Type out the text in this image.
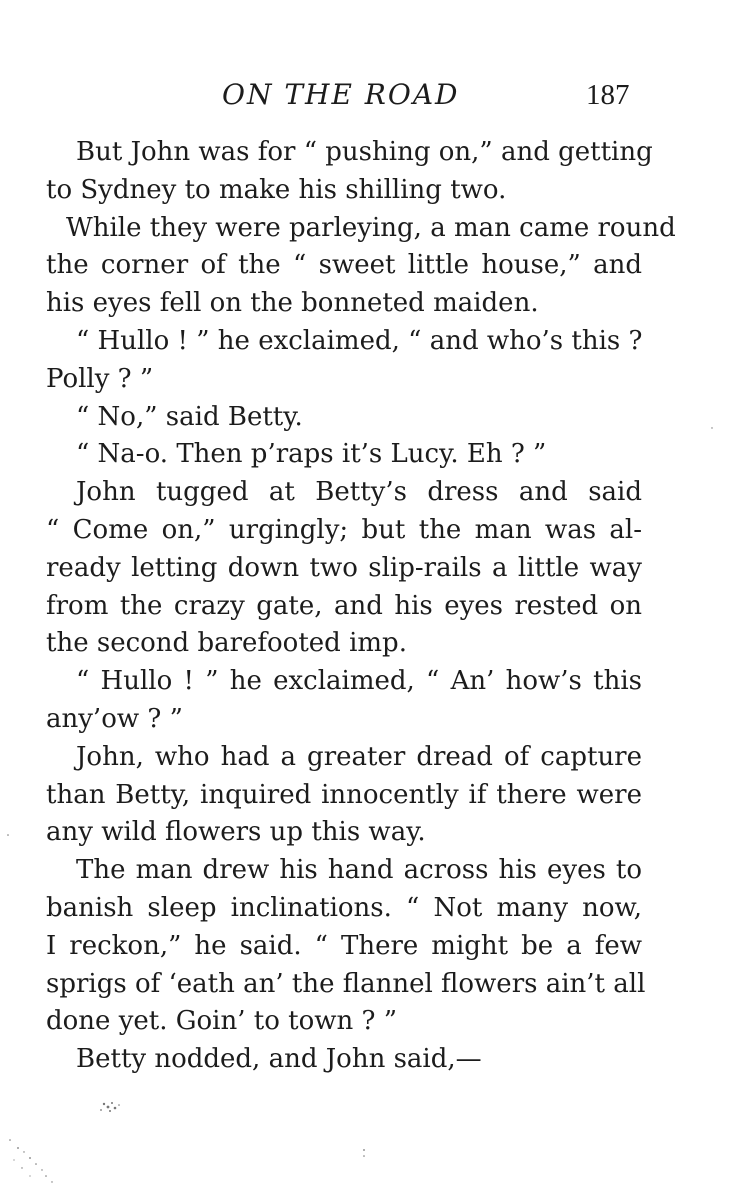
ON THE ROAD	187
But John was for “ pushing on,” and getting
to Sydney to make his shilling two.
While they were parleying, a man came round
the corner of the “ sweet little house,” and
his eyes fell on the bonneted maiden.
“ Hullo ! ” he exclaimed, “ and who’s this ?
Polly ? ”
“ No,” said Betty.
“ Na-o. Then p’raps it’s Lucy. Eh ? ”
John tugged at Betty’s dress and said
“ Come on,” urgingly; but the man was al-
ready letting down two slip-rails a little way
from the crazy gate, and his eyes rested on
the second barefooted imp.
“ Hullo ! ” he exclaimed, “ An’ how’s this
any’ow ? ”
John, who had a greater dread of capture
than Betty, inquired innocently if there were
any wild flowers up this way.
The man drew his hand across his eyes to
banish sleep inclinations. “ Not many now,
I reckon,” he said. “ There might be a few
sprigs of ‘eath an’ the flannel flowers ain’t all
done yet. Goin’ to town ? ”
Betty nodded, and John said,—
